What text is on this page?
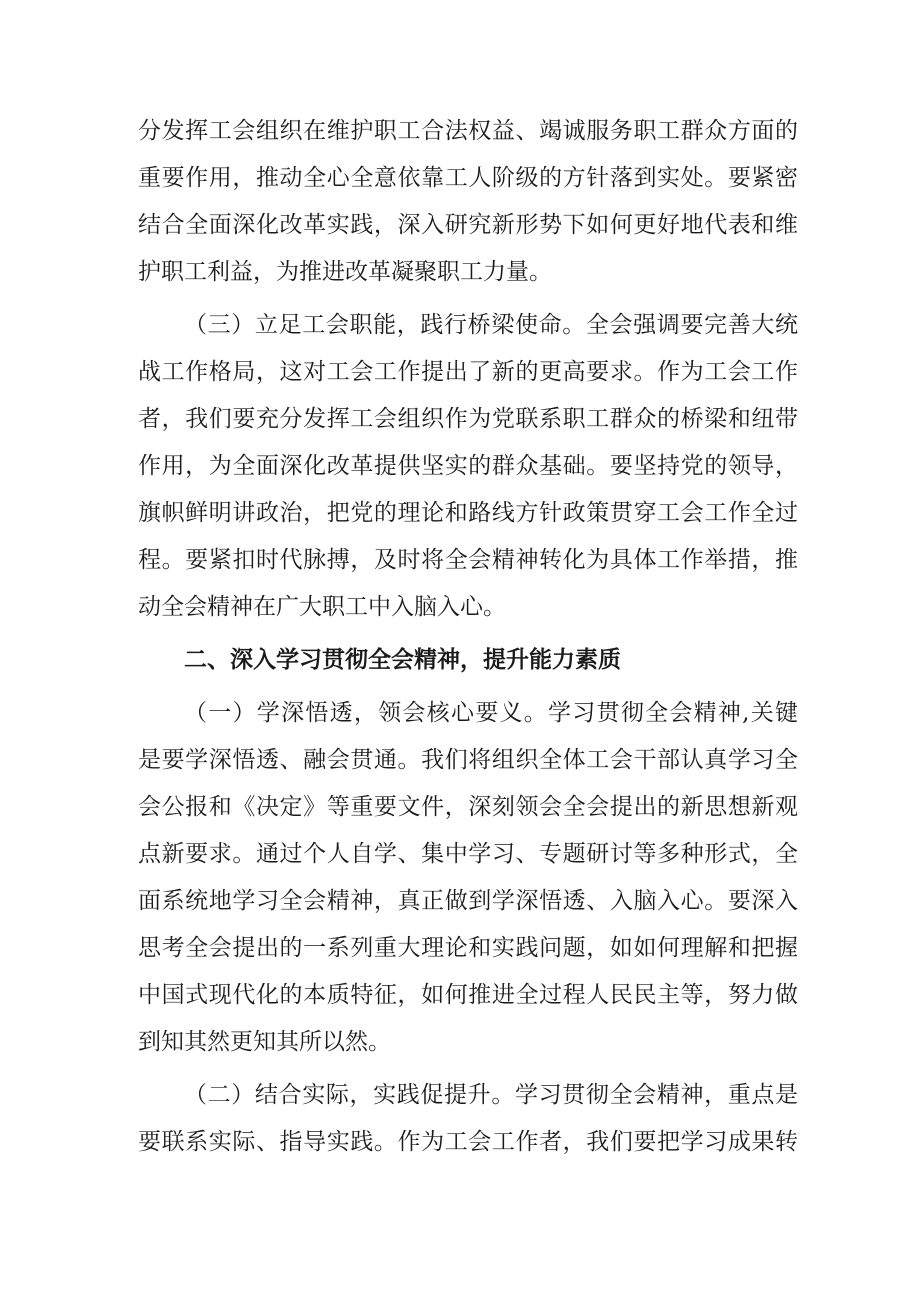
分发挥工会组织在维护职工合法权益、竭诚服务职工群众方面的
重要作用，推动全心全意依靠工人阶级的方针落到实处。要紧密
结合全面深化改革实践，深入研究新形势下如何更好地代表和维
护职工利益，为推进改革凝聚职工力量。
（三）立足工会职能，践行桥梁使命。全会强调要完善大统
战工作格局，这对工会工作提出了新的更高要求。作为工会工作
者，我们要充分发挥工会组织作为党联系职工群众的桥梁和纽带
作用，为全面深化改革提供坚实的群众基础。要坚持党的领导，
旗帜鲜明讲政治，把党的理论和路线方针政策贯穿工会工作全过
程。要紧扣时代脉搏，及时将全会精神转化为具体工作举措，推
动全会精神在广大职工中入脑入心。
二、深入学习贯彻全会精神，提升能力素质
（一）学深悟透，领会核心要义。学习贯彻全会精神,关键
是要学深悟透、融会贯通。我们将组织全体工会干部认真学习全
会公报和《决定》等重要文件，深刻领会全会提出的新思想新观
点新要求。通过个人自学、集中学习、专题研讨等多种形式，全
面系统地学习全会精神，真正做到学深悟透、入脑入心。要深入
思考全会提出的一系列重大理论和实践问题，如如何理解和把握
中国式现代化的本质特征，如何推进全过程人民民主等，努力做
到知其然更知其所以然。
（二）结合实际，实践促提升。学习贯彻全会精神，重点是
要联系实际、指导实践。作为工会工作者，我们要把学习成果转
